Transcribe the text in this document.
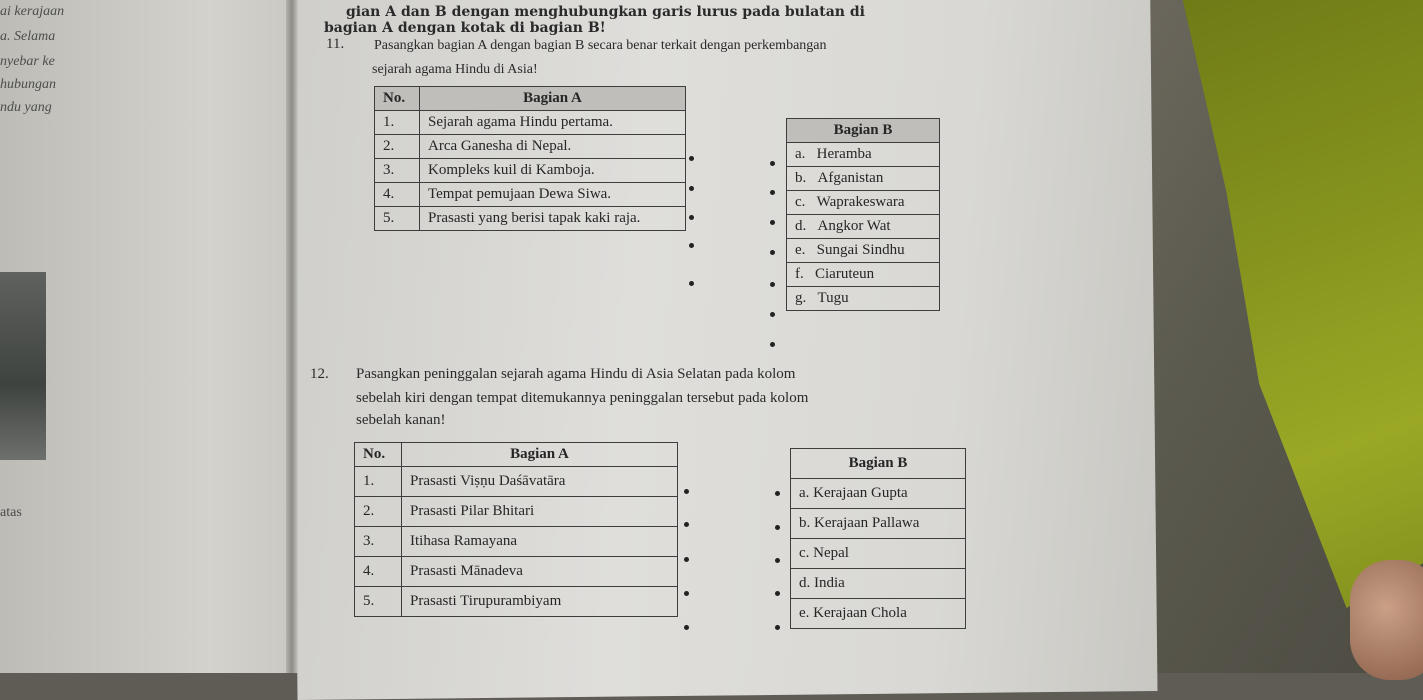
ai kerajaan
a. Selama
nyebar ke
hubungan
ndu yang
atas
gian A dan B dengan menghubungkan garis lurus pada bulatan di
bagian A dengan kotak di bagian B!
11. Pasangkan bagian A dengan bagian B secara benar terkait dengan perkembangan
sejarah agama Hindu di Asia!
No.	Bagian A
1.	Sejarah agama Hindu pertama.
2.	Arca Ganesha di Nepal.
3.	Kompleks kuil di Kamboja.
4.	Tempat pemujaan Dewa Siwa.
5.	Prasasti yang berisi tapak kaki raja.
Bagian B
a. Heramba
b. Afganistan
c. Waprakeswara
d. Angkor Wat
e. Sungai Sindhu
f. Ciaruteun
g. Tugu
12. Pasangkan peninggalan sejarah agama Hindu di Asia Selatan pada kolom
sebelah kiri dengan tempat ditemukannya peninggalan tersebut pada kolom
sebelah kanan!
No.	Bagian A
1.	Prasasti Viṣṇu Daśāvatāra
2.	Prasasti Pilar Bhitari
3.	Itihasa Ramayana
4.	Prasasti Mānadeva
5.	Prasasti Tirupurambiyam
Bagian B
a. Kerajaan Gupta
b. Kerajaan Pallawa
c. Nepal
d. India
e. Kerajaan Chola
